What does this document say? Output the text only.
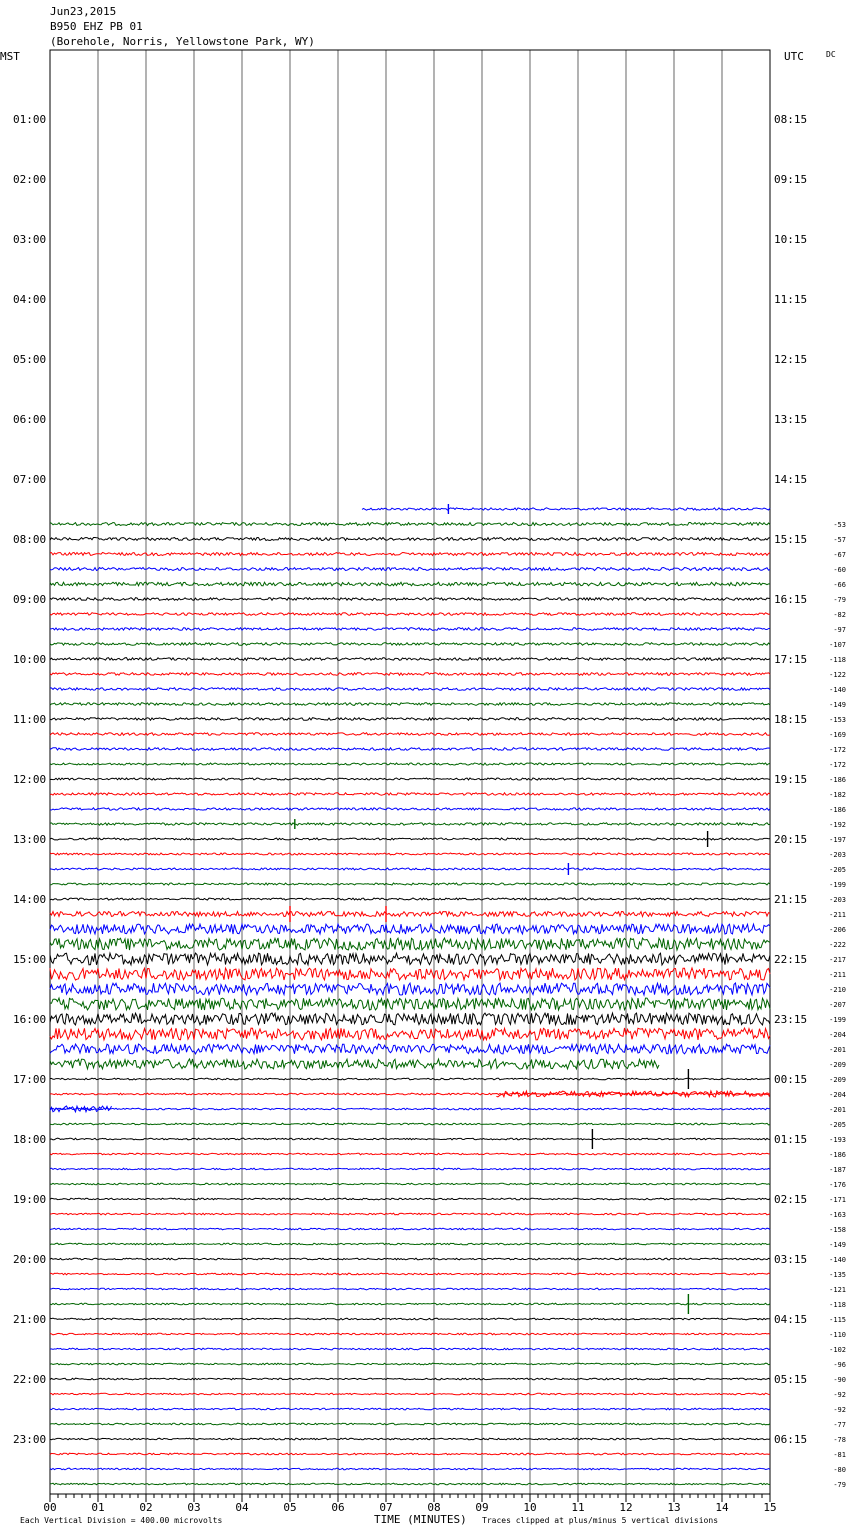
Jun23,2015
B950 EHZ PB 01
(Borehole, Norris, Yellowstone Park, WY)
MST	UTC	DC
01:00
02:00
03:00
04:00
05:00
06:00
07:00
08:00
09:00
10:00
11:00
12:00
13:00
14:00
15:00
16:00
17:00
18:00
19:00
20:00
21:00
22:00
23:00
08:15
09:15
10:15
11:15
12:15
13:15
14:15
15:15
16:15
17:15
18:15
19:15
20:15
21:15
22:15
23:15
00:15
01:15
02:15
03:15
04:15
05:15
06:15
-53
-57
-67
-60
-66
-79
-82
-97
-107
-118
-122
-140
-149
-153
-169
-172
-172
-186
-182
-186
-192
-197
-203
-205
-199
-203
-211
-206
-222
-217
-211
-210
-207
-199
-204
-201
-209
-209
-204
-201
-205
-193
-186
-187
-176
-171
-163
-158
-149
-140
-135
-121
-118
-115
-110
-102
-96
-90
-92
-92
-77
-78
-81
-80
-79
00	01	02	03	04	05	06	07	08	09	10	11	12	13	14	15
Each Vertical Division = 400.00 microvolts	TIME (MINUTES) Traces clipped at plus/minus 5 vertical divisions
